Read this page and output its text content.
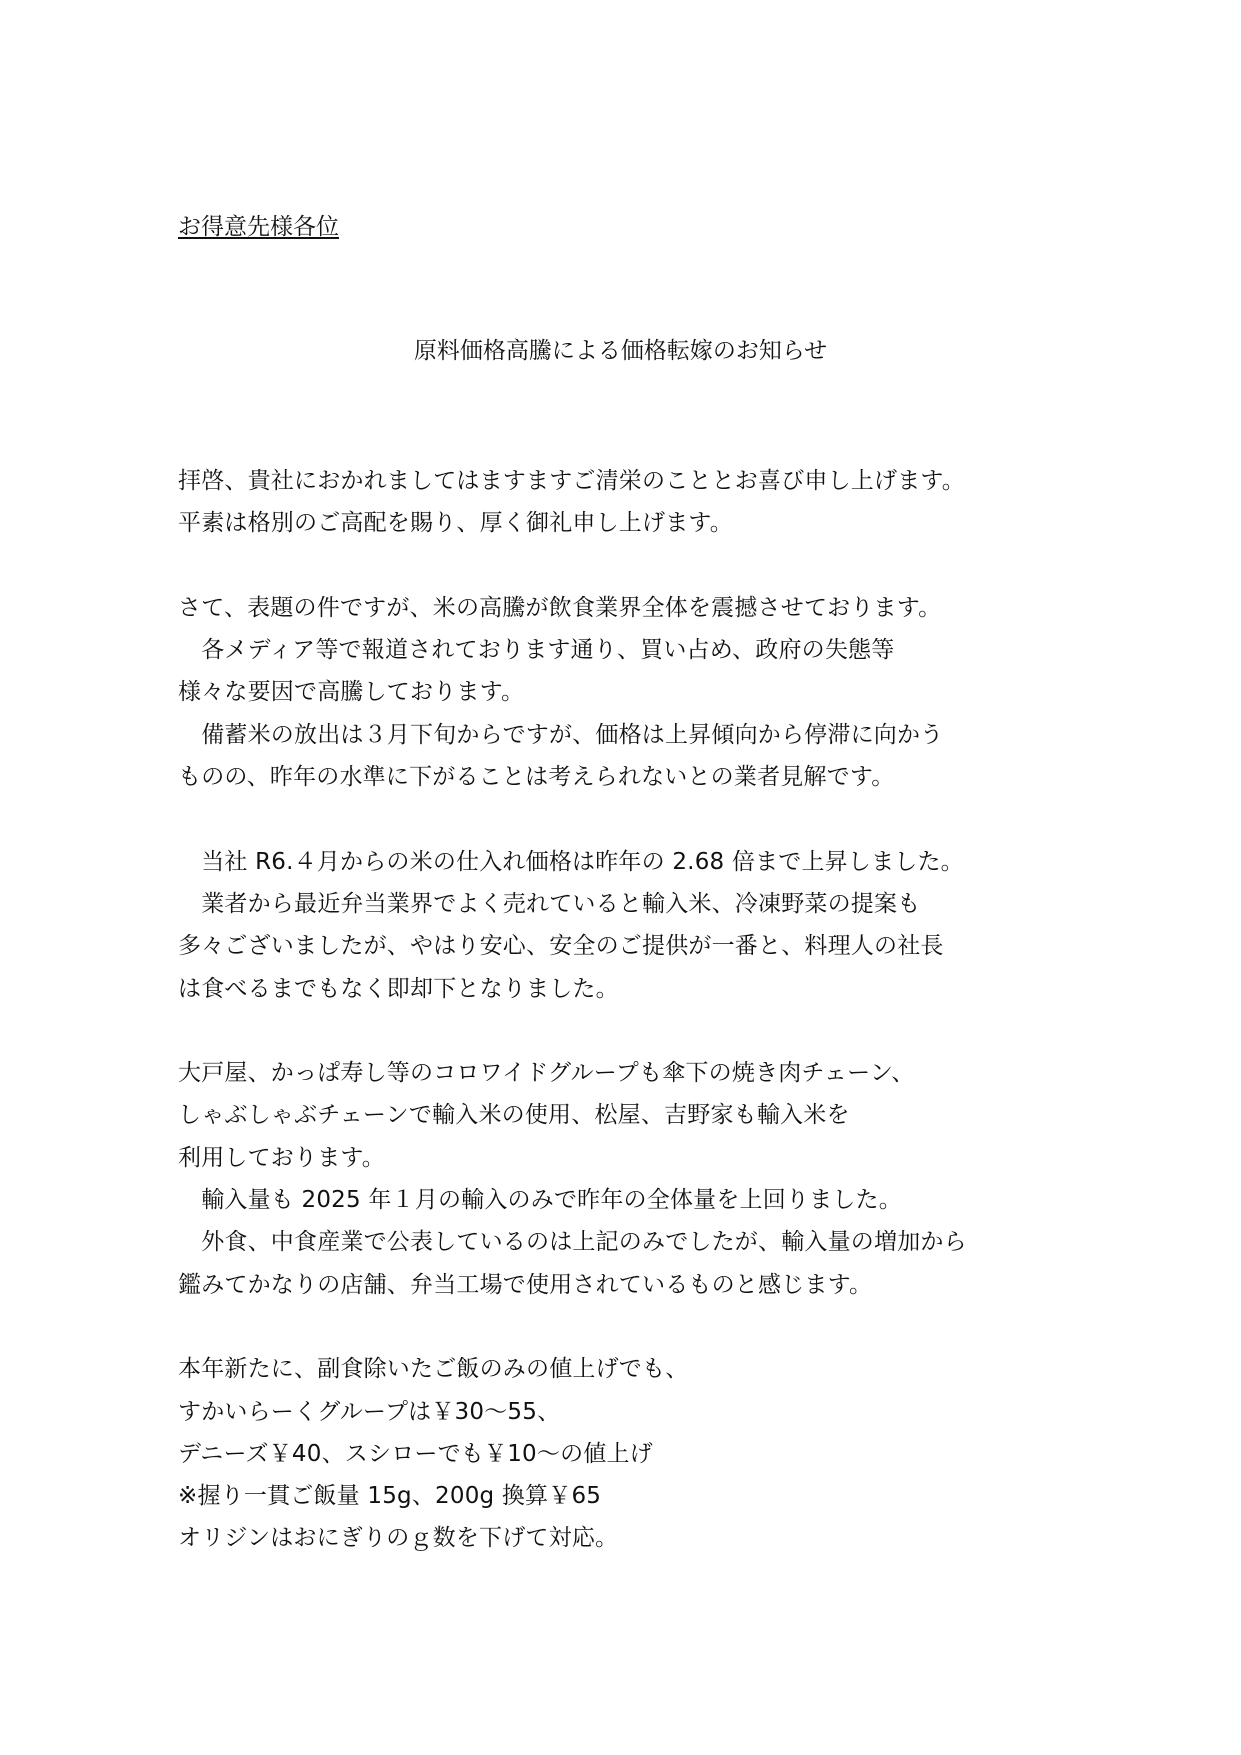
お得意先様各位
原料価格高騰による価格転嫁のお知らせ
拝啓、貴社におかれましてはますますご清栄のこととお喜び申し上げます。
平素は格別のご高配を賜り、厚く御礼申し上げます。
さて、表題の件ですが、米の高騰が飲食業界全体を震撼させております。
　各メディア等で報道されております通り、買い占め、政府の失態等
様々な要因で高騰しております。
　備蓄米の放出は３月下旬からですが、価格は上昇傾向から停滞に向かう
ものの、昨年の水準に下がることは考えられないとの業者見解です。
　当社 R6.４月からの米の仕入れ価格は昨年の 2.68 倍まで上昇しました。
　業者から最近弁当業界でよく売れていると輸入米、冷凍野菜の提案も
多々ございましたが、やはり安心、安全のご提供が一番と、料理人の社長
は食べるまでもなく即却下となりました。
大戸屋、かっぱ寿し等のコロワイドグループも傘下の焼き肉チェーン、
しゃぶしゃぶチェーンで輸入米の使用、松屋、吉野家も輸入米を
利用しております。
　輸入量も 2025 年１月の輸入のみで昨年の全体量を上回りました。
　外食、中食産業で公表しているのは上記のみでしたが、輸入量の増加から
鑑みてかなりの店舗、弁当工場で使用されているものと感じます。
本年新たに、副食除いたご飯のみの値上げでも、
すかいらーくグループは￥30～55、
デニーズ￥40、スシローでも￥10～の値上げ
※握り一貫ご飯量 15g、200g 換算￥65
オリジンはおにぎりのｇ数を下げて対応。
